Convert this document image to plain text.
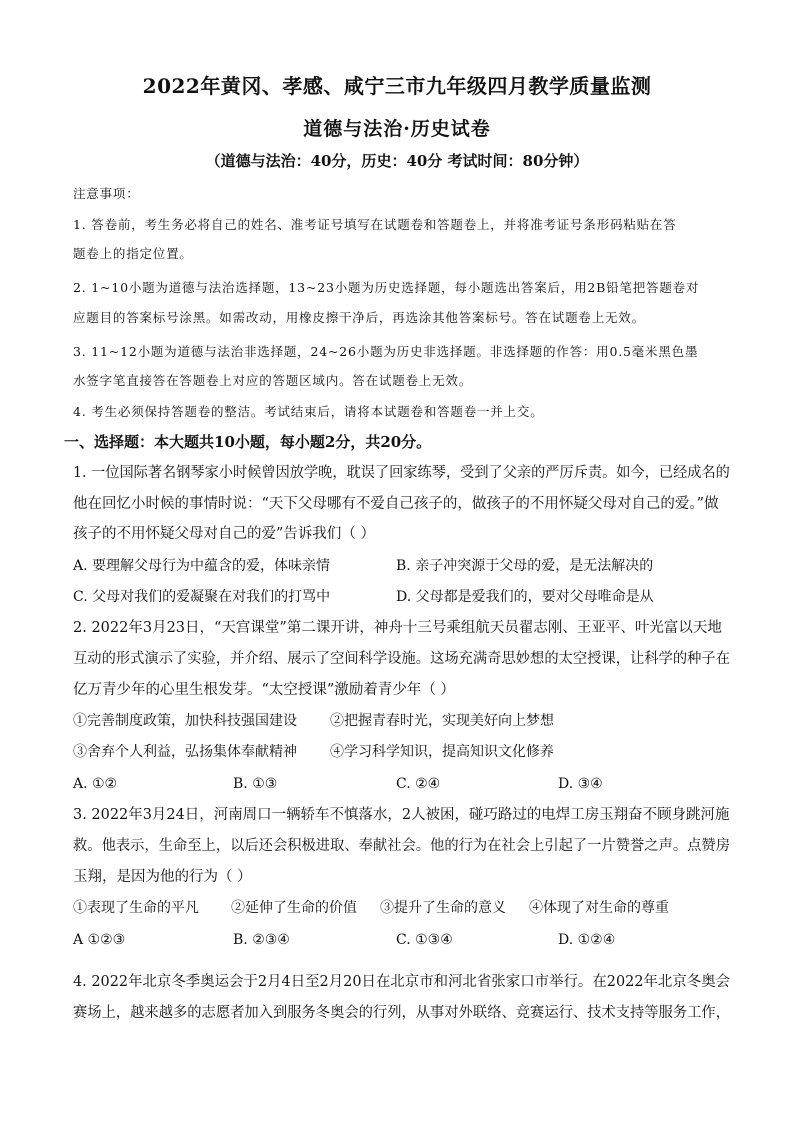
2022年黄冈、孝感、咸宁三市九年级四月教学质量监测
道德与法治·历史试卷
（道德与法治：40分，历史：40分 考试时间：80分钟）
注意事项：
1. 答卷前，考生务必将自己的姓名、准考证号填写在试题卷和答题卷上，并将准考证号条形码粘贴在答
题卷上的指定位置。
2. 1~10小题为道德与法治选择题，13~23小题为历史选择题，每小题选出答案后，用2B铅笔把答题卷对
应题目的答案标号涂黑。如需改动，用橡皮擦干净后，再选涂其他答案标号。答在试题卷上无效。
3. 11~12小题为道德与法治非选择题，24~26小题为历史非选择题。非选择题的作答：用0.5毫米黑色墨
水签字笔直接答在答题卷上对应的答题区域内。答在试题卷上无效。
4. 考生必须保持答题卷的整洁。考试结束后，请将本试题卷和答题卷一并上交。
一、选择题：本大题共10小题，每小题2分，共20分。
1. 一位国际著名钢琴家小时候曾因放学晚，耽误了回家练琴，受到了父亲的严厉斥责。如今，已经成名的
他在回忆小时候的事情时说：“天下父母哪有不爱自己孩子的，做孩子的不用怀疑父母对自己的爱。”做
孩子的不用怀疑父母对自己的爱”告诉我们（ ）
A. 要理解父母行为中蕴含的爱，体味亲情	B. 亲子冲突源于父母的爱，是无法解决的
C. 父母对我们的爱凝聚在对我们的打骂中	D. 父母都是爱我们的，要对父母唯命是从
2. 2022年3月23日，“天宫课堂”第二课开讲，神舟十三号乘组航天员翟志刚、王亚平、叶光富以天地
互动的形式演示了实验，并介绍、展示了空间科学设施。这场充满奇思妙想的太空授课，让科学的种子在
亿万青少年的心里生根发芽。“太空授课”激励着青少年（ ）
①完善制度政策，加快科技强国建设 ②把握青春时光，实现美好向上梦想
③舍弃个人利益，弘扬集体奉献精神 ④学习科学知识，提高知识文化修养
A. ①②	B. ①③	C. ②④	D. ③④
3. 2022年3月24日，河南周口一辆轿车不慎落水，2人被困，碰巧路过的电焊工房玉翔奋不顾身跳河施
救。他表示，生命至上，以后还会积极进取、奉献社会。他的行为在社会上引起了一片赞誉之声。点赞房
玉翔，是因为他的行为（ ）
①表现了生命的平凡 ②延伸了生命的价值 ③提升了生命的意义 ④体现了对生命的尊重
A ①②③	B. ②③④	C. ①③④	D. ①②④
4. 2022年北京冬季奥运会于2月4日至2月20日在北京市和河北省张家口市举行。在2022年北京冬奥会
赛场上，越来越多的志愿者加入到服务冬奥会的行列，从事对外联络、竞赛运行、技术支持等服务工作，
